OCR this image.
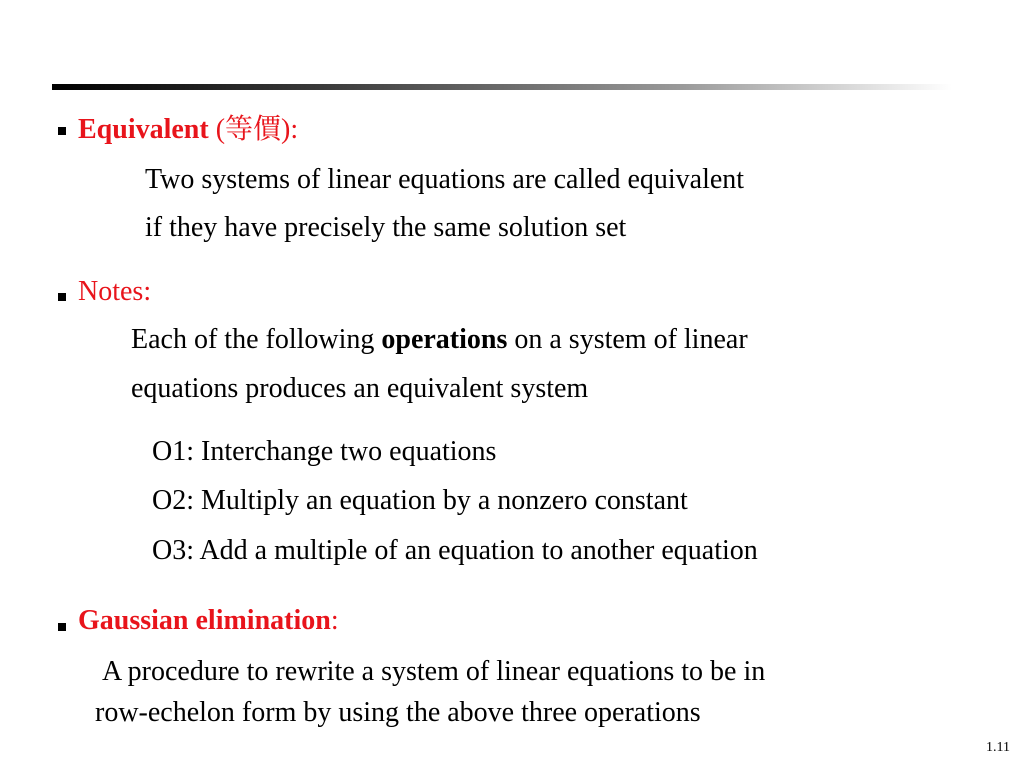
Equivalent (等價):
Two systems of linear equations are called equivalent
if they have precisely the same solution set
Notes:
Each of the following operations on a system of linear
equations produces an equivalent system
O1: Interchange two equations
O2: Multiply an equation by a nonzero constant
O3: Add a multiple of an equation to another equation
Gaussian elimination:
A procedure to rewrite a system of linear equations to be in
row-echelon form by using the above three operations
1.11
